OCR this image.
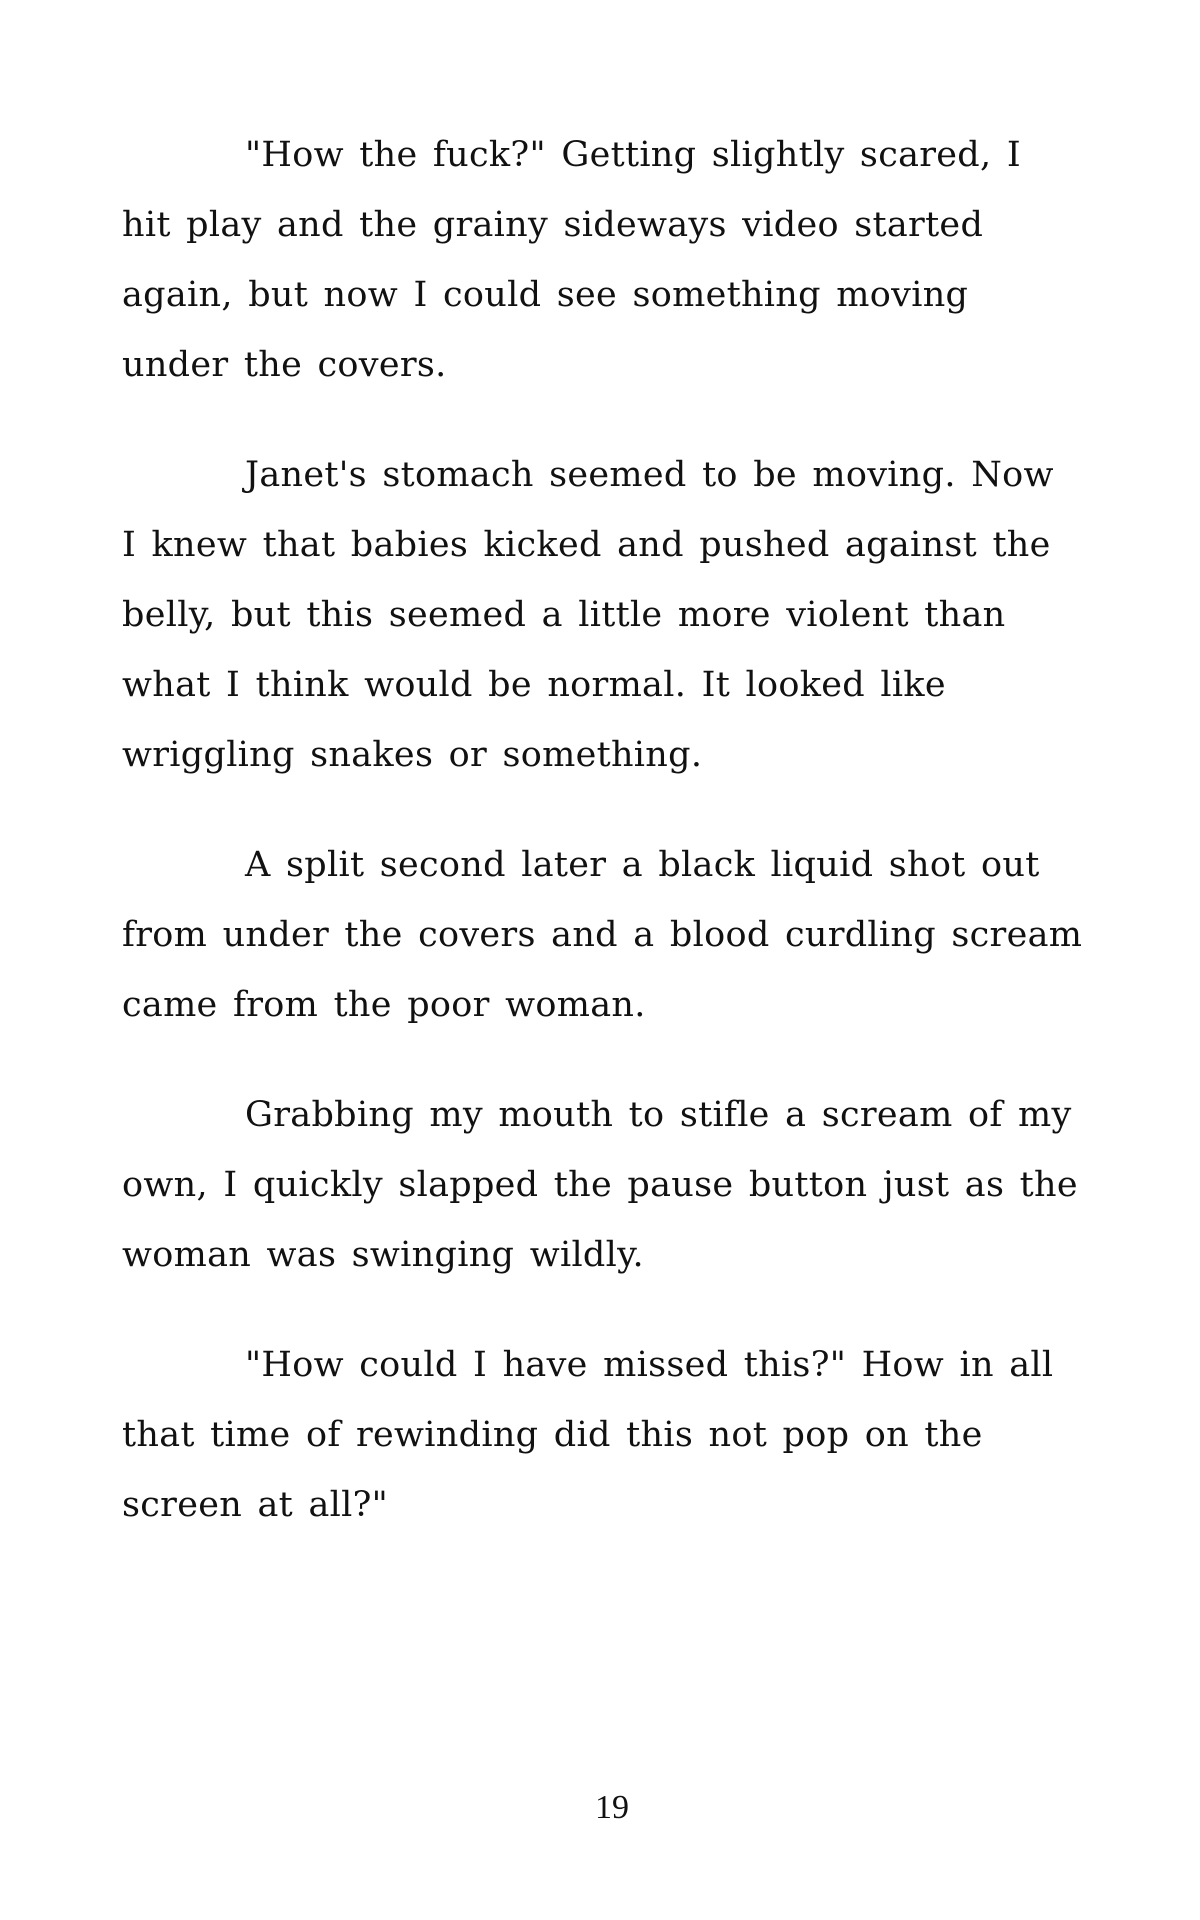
"How the fuck?" Getting slightly scared, I
hit play and the grainy sideways video started
again, but now I could see something moving
under the covers.

Janet's stomach seemed to be moving. Now
I knew that babies kicked and pushed against the
belly, but this seemed a little more violent than
what I think would be normal. It looked like
wriggling snakes or something.

A split second later a black liquid shot out
from under the covers and a blood curdling scream
came from the poor woman.

Grabbing my mouth to stifle a scream of my
own, I quickly slapped the pause button just as the
woman was swinging wildly.

"How could I have missed this?" How in all
that time of rewinding did this not pop on the
screen at all?"

19
